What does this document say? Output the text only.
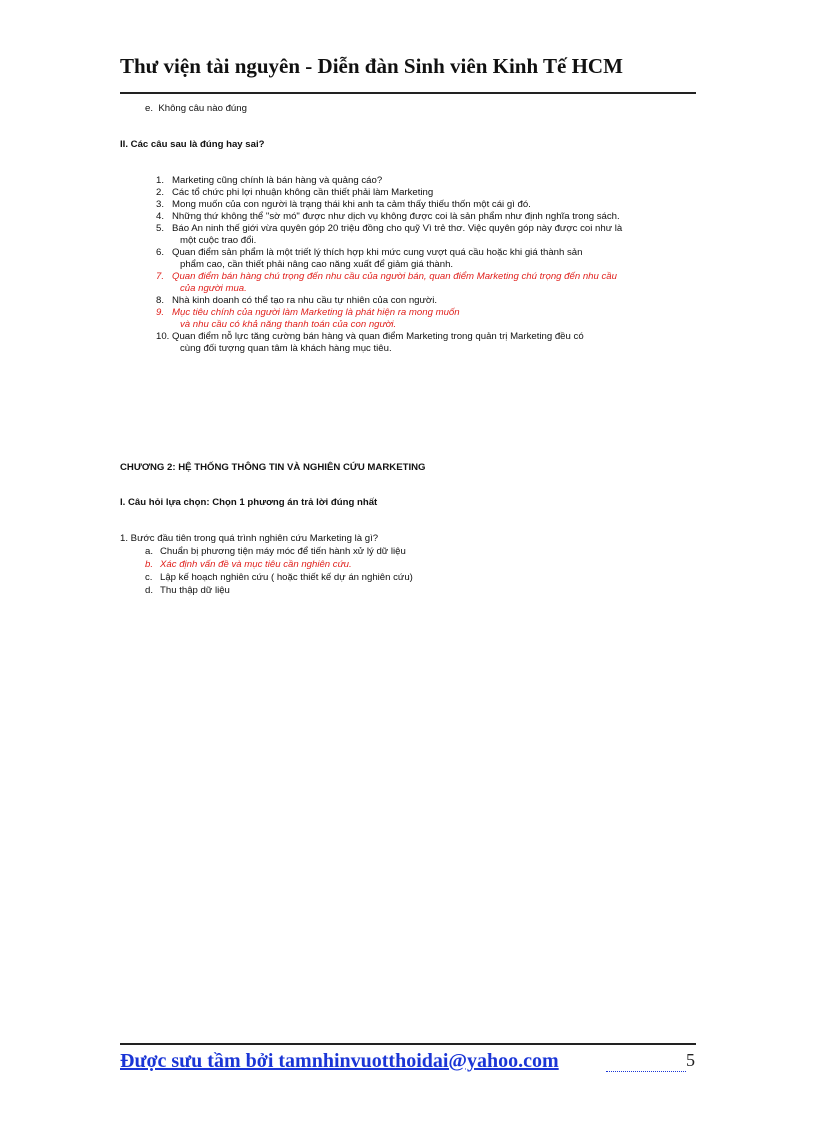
Thư viện tài nguyên - Diễn đàn Sinh viên Kinh Tế HCM
e. Không câu nào đúng
II. Các câu sau là đúng hay sai?
1. Marketing cũng chính là bán hàng và quảng cáo?
2. Các tổ chức phi lợi nhuận không cần thiết phải làm Marketing
3. Mong muốn của con người là trạng thái khi anh ta cảm thấy thiếu thốn một cái gì đó.
4. Những thứ không thể "sờ mó" được như dịch vụ không được coi là sản phẩm như định nghĩa trong sách.
5. Báo An ninh thế giới vừa quyên góp 20 triệu đồng cho quỹ Vì trẻ thơ. Việc quyên góp này được coi như là
một cuộc trao đổi.
6. Quan điểm sản phẩm là một triết lý thích hợp khi mức cung vượt quá cầu hoặc khi giá thành sản
phẩm cao, cần thiết phải nâng cao năng xuất để giảm giá thành.
7. Quan điểm bán hàng chú trọng đến nhu cầu của người bán, quan điểm Marketing chú trọng đến nhu cầu
của người mua.
8. Nhà kinh doanh có thể tạo ra nhu cầu tự nhiên của con người.
9. Mục tiêu chính của người làm Marketing là phát hiện ra mong muốn
và nhu cầu có khả năng thanh toán của con người.
10. Quan điểm nỗ lực tăng cường bán hàng và quan điểm Marketing trong quản trị Marketing đều có
cùng đối tượng quan tâm là khách hàng mục tiêu.
CHƯƠNG 2: HỆ THỐNG THÔNG TIN VÀ NGHIÊN CỨU MARKETING
I. Câu hỏi lựa chọn: Chọn 1 phương án trả lời đúng nhất
1. Bước đầu tiên trong quá trình nghiên cứu Marketing là gì?
a. Chuẩn bị phương tiện máy móc để tiến hành xử lý dữ liệu
b. Xác định vấn đề và mục tiêu cần nghiên cứu.
c. Lập kế hoạch nghiên cứu ( hoặc thiết kế dự án nghiên cứu)
d. Thu thập dữ liệu
Được sưu tầm bởi tamnhinvuotthoidai@yahoo.com	5
